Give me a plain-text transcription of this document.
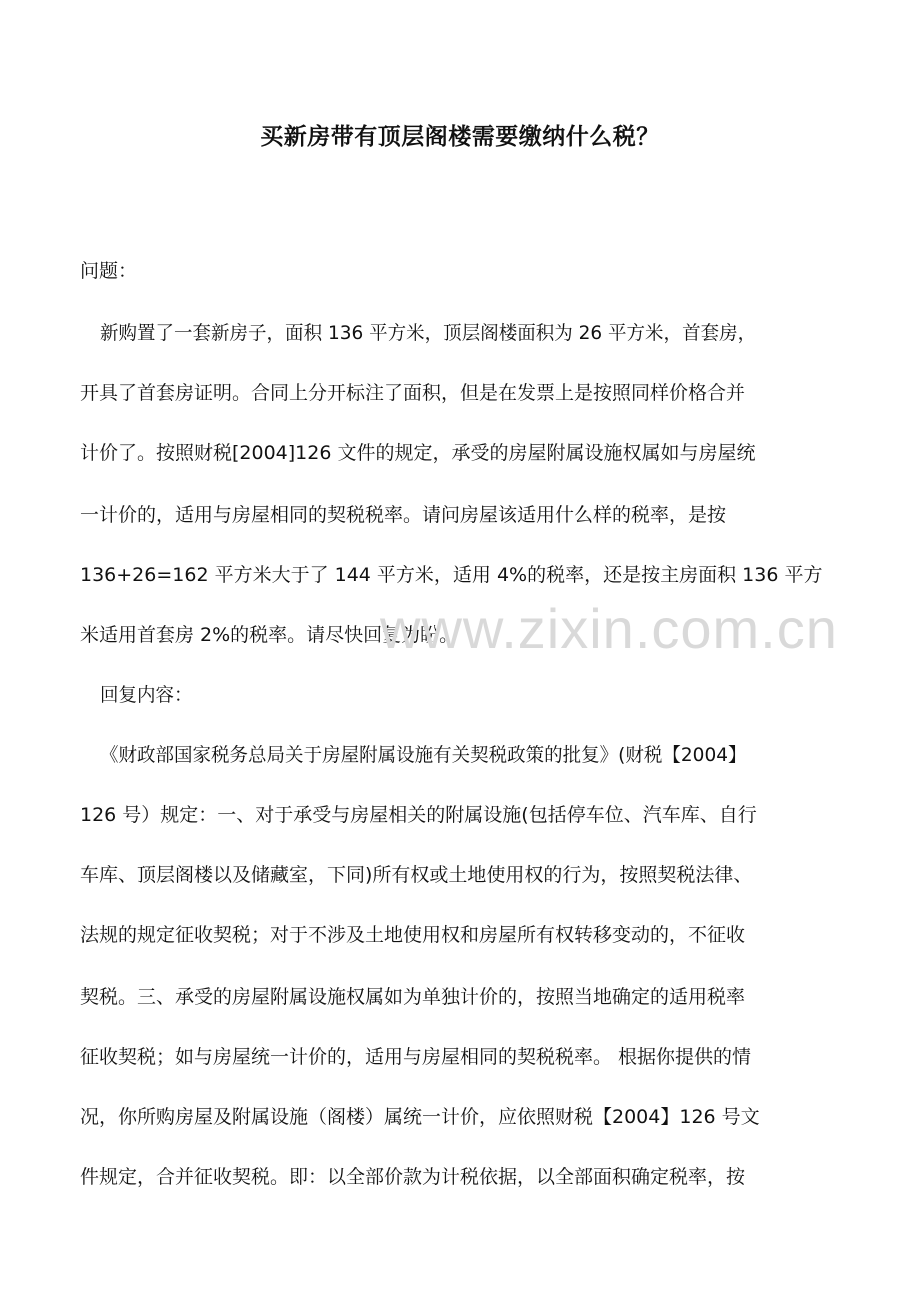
买新房带有顶层阁楼需要缴纳什么税？
问题：
新购置了一套新房子，面积 136 平方米，顶层阁楼面积为 26 平方米，首套房，
开具了首套房证明。合同上分开标注了面积，但是在发票上是按照同样价格合并
计价了。按照财税[2004]126 文件的规定，承受的房屋附属设施权属如与房屋统
一计价的，适用与房屋相同的契税税率。请问房屋该适用什么样的税率，是按
136+26=162 平方米大于了 144 平方米，适用 4%的税率，还是按主房面积 136 平方
米适用首套房 2%的税率。请尽快回复为盼。
回复内容：
《财政部国家税务总局关于房屋附属设施有关契税政策的批复》(财税【2004】
126 号）规定：一、对于承受与房屋相关的附属设施(包括停车位、汽车库、自行
车库、顶层阁楼以及储藏室，下同)所有权或土地使用权的行为，按照契税法律、
法规的规定征收契税；对于不涉及土地使用权和房屋所有权转移变动的，不征收
契税。三、承受的房屋附属设施权属如为单独计价的，按照当地确定的适用税率
征收契税；如与房屋统一计价的，适用与房屋相同的契税税率。 根据你提供的情
况，你所购房屋及附属设施（阁楼）属统一计价，应依照财税【2004】126 号文
件规定，合并征收契税。即：以全部价款为计税依据，以全部面积确定税率，按
www.zixin.com.cn
